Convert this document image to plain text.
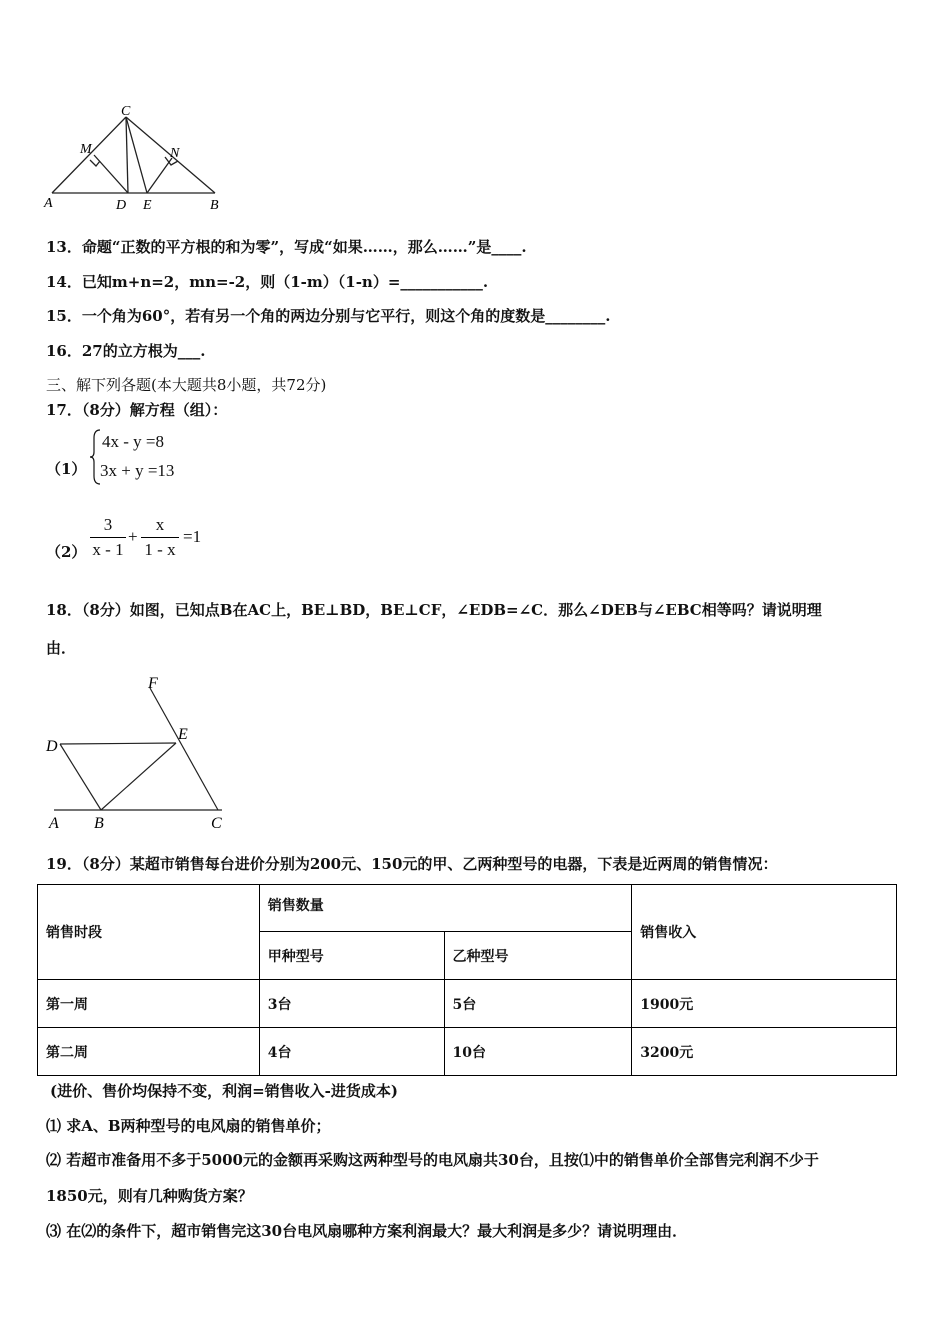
C
M	N
A	D E	B
13．命题“正数的平方根的和为零”，写成“如果……，那么……”是____.
14．已知m+n=2，mn=-2，则（1-m）（1-n）=___________.
15．一个角为60°，若有另一个角的两边分别与它平行，则这个角的度数是________.
16．27的立方根为___.
三、解下列各题(本大题共8小题，共72分)
17．（8分）解方程（组）：
（1）
4x - y =8
3x + y =13
$(2) \frac{3}{x - 1} + \frac{x}{1 - x} =1$
18．（8分）如图，已知点B在AC上，BE⊥BD，BE⊥CF，∠EDB=∠C．那么∠DEB与∠EBC相等吗？请说明理
由．
F
D
E
A B	C
19．（8分）某超市销售每台进价分别为200元、150元的甲、乙两种型号的电器，下表是近两周的销售情况：
销售时段	销售数量		销售收入
	甲种型号	乙种型号	
第一周	3台	5台	1900元
第二周	4台	10台	3200元
(进价、售价均保持不变，利润=销售收入-进货成本)
⑴ 求A、B两种型号的电风扇的销售单价；
⑵ 若超市准备用不多于5000元的金额再采购这两种型号的电风扇共30台，且按⑴中的销售单价全部售完利润不少于
1850元，则有几种购货方案？
⑶ 在⑵的条件下，超市销售完这30台电风扇哪种方案利润最大？最大利润是多少？请说明理由．
